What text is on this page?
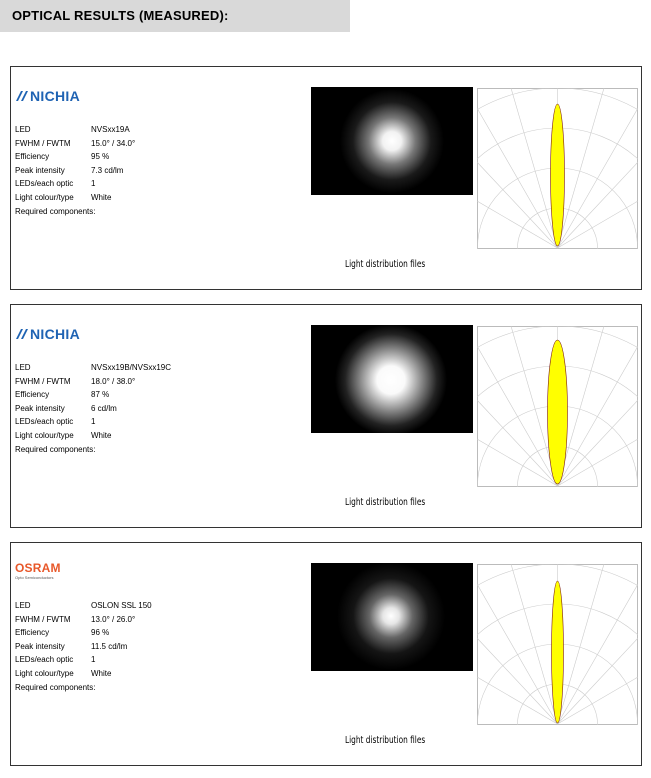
OPTICAL RESULTS (MEASURED):
NICHIA
LED	NVSxx19A
FWHM / FWTM	15.0° / 34.0°
Efficiency	95 %
Peak intensity	7.3 cd/lm
LEDs/each optic	1
Light colour/type	White
Required components:
Light distribution files
NICHIA
LED	NVSxx19B/NVSxx19C
FWHM / FWTM	18.0° / 38.0°
Efficiency	87 %
Peak intensity	6 cd/lm
LEDs/each optic	1
Light colour/type	White
Required components:
Light distribution files
OSRAM
Opto Semiconductors
LED	OSLON SSL 150
FWHM / FWTM	13.0° / 26.0°
Efficiency	96 %
Peak intensity	11.5 cd/lm
LEDs/each optic	1
Light colour/type	White
Required components:
Light distribution files
